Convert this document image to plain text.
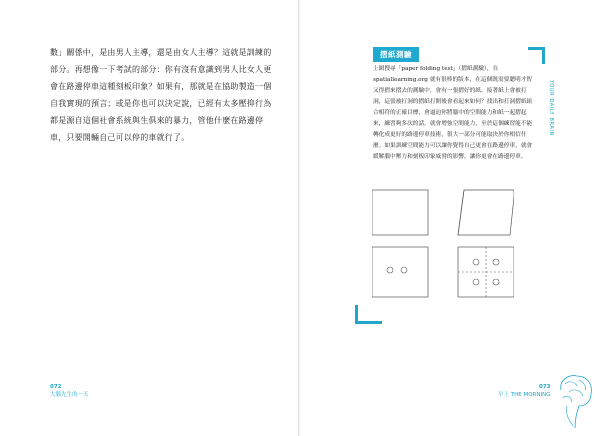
數」關係中，是由男人主導，還是由女人主導？這就是訓練的部分。再想像一下考試的部分：你有沒有意識到男人比女人更會在路邊停車這種刻板印象？如果有，那就是在協助製造一個自我實現的預言；或是你也可以決定說，已經有太多壓抑行為都是源自這個社會系統與生俱來的暴力，管他什麼在路邊停車，只要開輛自己可以停的車就行了。

072
大腦先生的一天
摺紙測驗

上網搜尋「paper folding test」（摺紙測驗），在 spatiallearning.org 就有很棒的版本，在這個既需要聰明才智又得摺來摺去的測驗中，會有一張摺好的紙，接著紙上會被打洞，這張被打洞的摺紙打開後會看起來如何？找出和打洞摺紙組合相符的正確目標，會逼迫你將腦中的空間能力和紙一起摺起來，練習夠多次的話，就會增強空間能力，至於這個練習能不能轉化成更好的路邊停車技術，很大一部分可能取決於你相信什麼。如果訓練空間能力可以讓你覺得自己更會在路邊停車，就會緩解腦中壓力和刻板印象威脅的影響，讓你更會在路邊停車。

YOUR DAILY BRAIN
073
早上 THE MORNING
